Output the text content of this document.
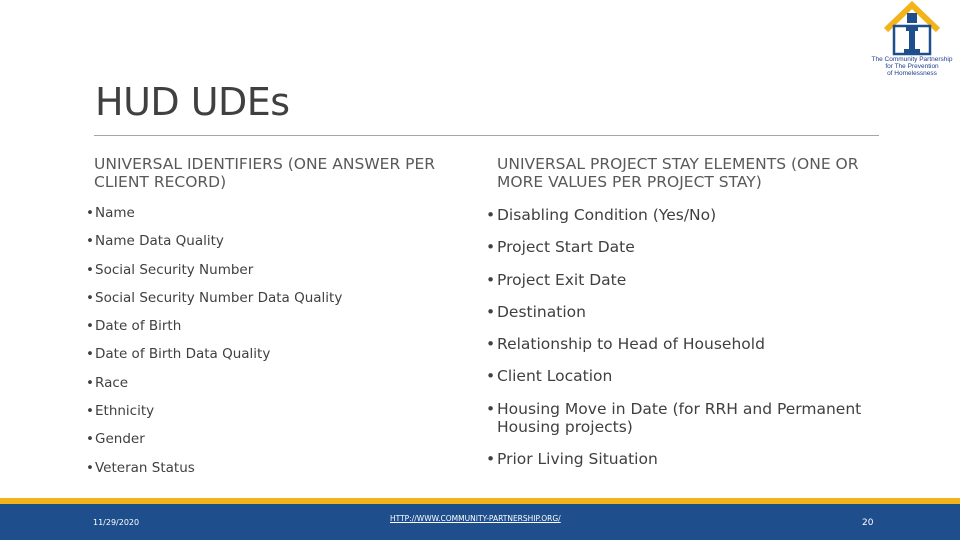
The Community Partnership
for The Prevention
of Homelessness
HUD UDEs
UNIVERSAL IDENTIFIERS (ONE ANSWER PER CLIENT RECORD)
UNIVERSAL PROJECT STAY ELEMENTS (ONE OR MORE VALUES PER PROJECT STAY)
• Name
• Name Data Quality
• Social Security Number
• Social Security Number Data Quality
• Date of Birth
• Date of Birth Data Quality
• Race
• Ethnicity
• Gender
• Veteran Status
• Disabling Condition (Yes/No)
• Project Start Date
• Project Exit Date
• Destination
• Relationship to Head of Household
• Client Location
• Housing Move in Date (for RRH and Permanent Housing projects)
• Prior Living Situation
11/29/2020	HTTP://WWW.COMMUNITY-PARTNERSHIP.ORG/	20
